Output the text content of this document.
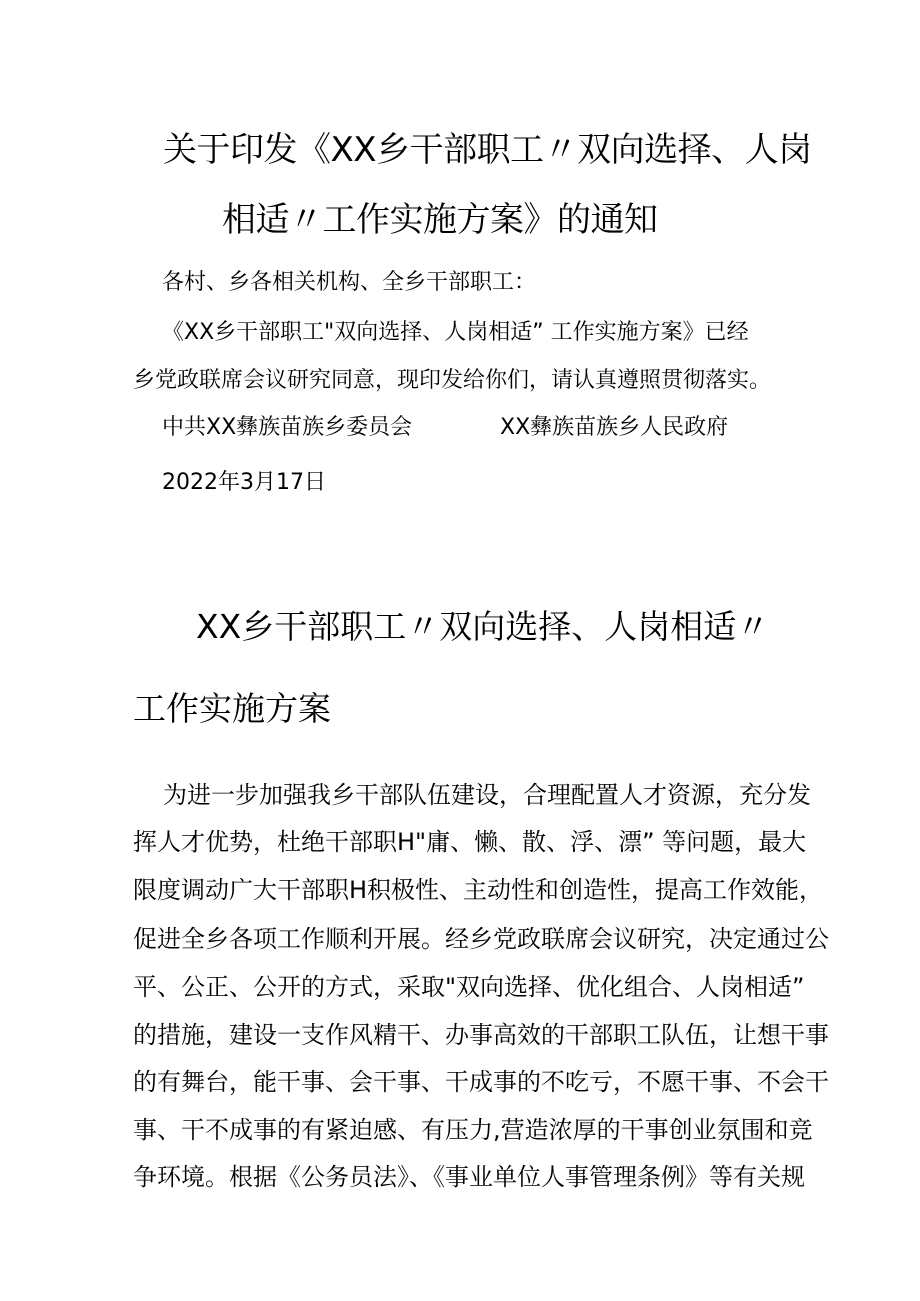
关于印发《XX乡干部职工〃双向选择、人岗

相适〃工作实施方案》的通知

各村、乡各相关机构、全乡干部职工：

《XX乡干部职工"双向选择、人岗相适” 工作实施方案》已经

乡党政联席会议研究同意，现印发给你们，请认真遵照贯彻落实。

中共XX彝族苗族乡委员会	XX彝族苗族乡人民政府

2022年3月17日

XX乡干部职工〃双向选择、人岗相适〃

工作实施方案

为进一步加强我乡干部队伍建设，合理配置人才资源，充分发

挥人才优势，杜绝干部职H"庸、懒、散、浮、漂” 等问题，最大

限度调动广大干部职H积极性、主动性和创造性，提高工作效能，

促进全乡各项工作顺利开展。经乡党政联席会议研究，决定通过公

平、公正、公开的方式，采取"双向选择、优化组合、人岗相适”

的措施，建设一支作风精干、办事高效的干部职工队伍，让想干事

的有舞台，能干事、会干事、干成事的不吃亏，不愿干事、不会干

事、干不成事的有紧迫感、有压力,营造浓厚的干事创业氛围和竞

争环境。根据《公务员法》、《事业单位人事管理条例》等有关规
